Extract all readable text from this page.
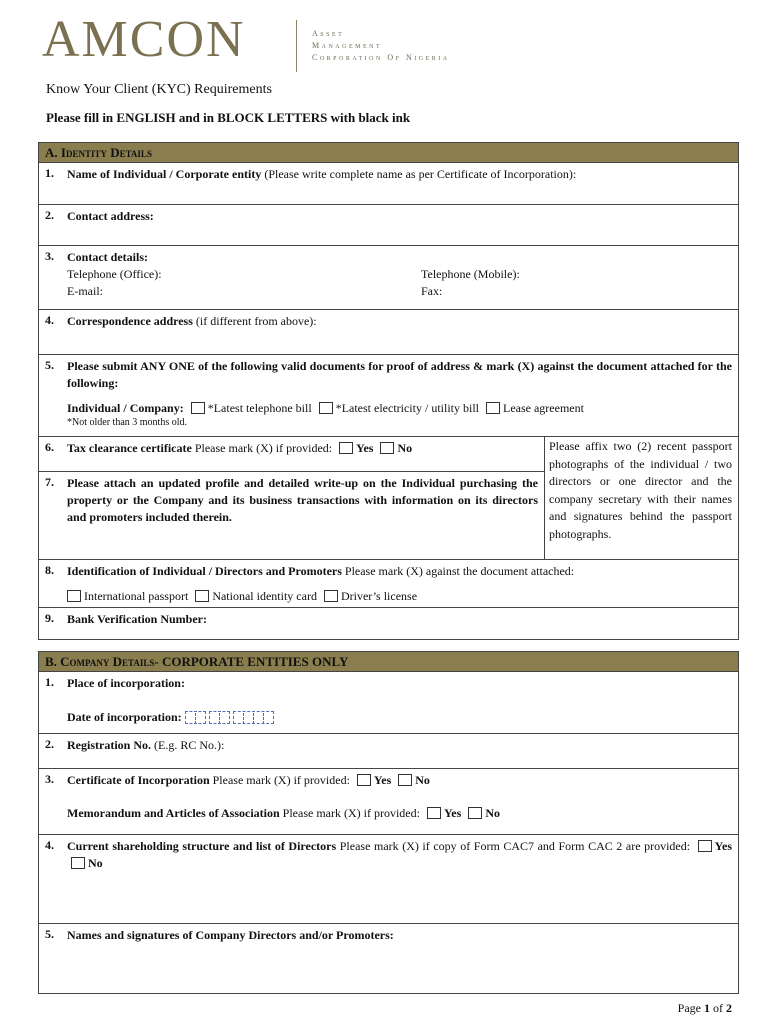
AMCON	Asset
Management
Corporation Of Nigeria
Know Your Client (KYC) Requirements
Please fill in ENGLISH and in BLOCK LETTERS with black ink
A. Identity Details
1. Name of Individual / Corporate entity (Please write complete name as per Certificate of Incorporation):
2. Contact address:
3. Contact details:
Telephone (Office):	Telephone (Mobile):
E-mail:	Fax:
4. Correspondence address (if different from above):
5. Please submit ANY ONE of the following valid documents for proof of address & mark (X) against the document attached for the following:
Individual / Company: *Latest telephone bill *Latest electricity / utility bill Lease agreement
*Not older than 3 months old.
6. Tax clearance certificate Please mark (X) if provided: Yes No
7. Please attach an updated profile and detailed write-up on the Individual purchasing the property or the Company and its business transactions with information on its directors and promoters included therein.
Please affix two (2) recent passport photographs of the individual / two directors or one director and the company secretary with their names and signatures behind the passport photographs.
8. Identification of Individual / Directors and Promoters Please mark (X) against the document attached:
International passport National identity card Driver’s license
9. Bank Verification Number:
B. Company Details- CORPORATE ENTITIES ONLY
1. Place of incorporation:
Date of incorporation:
2. Registration No. (E.g. RC No.):
3. Certificate of Incorporation Please mark (X) if provided: Yes No
Memorandum and Articles of Association Please mark (X) if provided: Yes No
4. Current shareholding structure and list of Directors Please mark (X) if copy of Form CAC7 and Form CAC 2 are provided: Yes No
5. Names and signatures of Company Directors and/or Promoters:
Page 1 of 2
